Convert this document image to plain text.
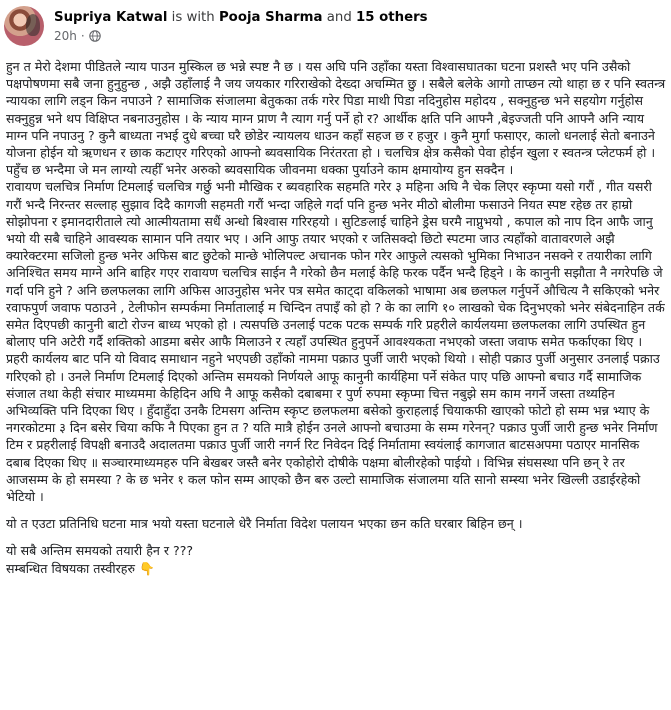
Supriya Katwal is with Pooja Sharma and 15 others
20h ·

हुन त मेरो देशमा पीडितले न्याय पाउन मुस्किल छ भन्ने स्पष्ट नै छ । यस अघि पनि उहाँका यस्ता विश्वासघातका घटना प्रशस्तै भए पनि उसैको पक्षपोषणमा सबै जना हुनुहुन्छ , अझै उहाँलाई नै जय जयकार गरिराखेको देख्दा अचम्मित छु । सबैले बलेके आगो ताप्छन त्यो थाहा छ र पनि स्वतन्त्र न्यायका लागि लड्न किन नपाउने ? सामाजिक संजालमा बेतुकका तर्क गरेर पिडा माथी पिडा नदिनुहोस महोदय , सक्नुहुन्छ भने सहयोग गर्नुहोस सक्नुहुन्न भने थप विक्षिप्त नबनाउनुहोस । के न्याय माग्न प्राण नै त्याग गर्नु पर्ने हो र? आर्थीक क्षति पनि आफ्नै ,बेइज्जती पनि आफ्नै अनि न्याय माग्न पनि नपाउनु ? कुनै बाध्यता नभई दुधे बच्चा घरै छोडेर न्यायलय धाउन कहाँ सहज छ र हजुर । कुनै मुर्गा फसाएर, कालो धनलाई सेतो बनाउने योजना होईन यो ऋणधन र छाक कटाएर गरिएको आफ्नो ब्यवसायिक निरंतरता हो । चलचित्र क्षेत्र कसैको पेवा होईन खुला र स्वतन्त्र प्लेटफर्म हो । पहुँच छ भन्दैमा जे मन लाग्यो त्यहीँ भनेर अरुको ब्यवसायिक जीवनमा धक्का पुर्याउने काम क्षमायोग्य हुन सक्दैन ।

रावायण चलचित्र निर्माण टिमलाई चलचित्र गर्छु भनी मौखिक र ब्यवहारिक सहमति गरेर ३ महिना अघि नै चेक लिएर स्कृप्मा यसो गरौं , गीत यसरी गरौं भन्दै निरन्तर सल्लाह सुझाव दिदै कागजी सहमती गरौं भन्दा जहिले गर्दा पनि हुन्छ भनेर मीठो बोलीमा फसाउने नियत स्पष्ट रहेछ तर हाम्रो सोझोपना र इमानदारीताले त्यो आत्मीयतामा सधैं अन्धो बिश्वास गरिरहयो । सुटिङलाई चाहिने ड्रेस घरमै नाप्नुभयो , कपाल को नाप दिन आफै जानु भयो यी सबै चाहिने आवस्यक सामान पनि तयार भए । अनि आफु तयार भएको र जतिसक्दो छिटो स्पटमा जाउ त्यहाँको वातावरणले अझै क्यारेक्टरमा सजिलो हुन्छ भनेर अफिस बाट छुटेको मान्छे भोलिपल्ट अचानक फोन गरेर आफुले त्यसको भुमिका निभाउन नसक्ने र तयारीका लागि अनिश्चित समय माग्ने अनि बाहिर गएर रावायण चलचित्र साईन नै गरेको छैन मलाई केहि फरक पर्दैन भन्दै हिड्ने । के कानुनी सझौता नै नगरेपछि जे गर्दा पनि हुने ? अनि छलफलका लागि अफिस आउनुहोस भनेर पत्र समेत काट्दा वकिलको भाषामा अब छलफल गर्नुपर्ने औचित्य नै सकिएको भनेर रवाफपुर्ण जवाफ पठाउने , टेलीफोन सम्पर्कमा निर्मातालाई म चिन्दिन तपाइँ को हो ? के का लागि १० लाखको चेक दिनुभएको भनेर संबेदनाहिन तर्क समेत दिएपछी कानुनी बाटो रोज्न बाध्य भएको हो । त्यसपछि उनलाई पटक पटक सम्पर्क गरि प्रहरीले कार्यलयमा छलफलका लागि उपस्थित हुन बोलाए पनि अटेरी गर्दै शक्तिको आडमा बसेर आफै मिलाउने र त्यहाँ उपस्थित हुनुपर्ने आवश्यकता नभएको जस्ता जवाफ समेत फर्काएका थिए । प्रहरी कार्यलय बाट पनि यो विवाद समाधान नहुने भएपछी उहाँको नाममा पक्राउ पुर्जी जारी भएको थियो । सोही पक्राउ पुर्जी अनुसार उनलाई पक्राउ गरिएको हो । उनले निर्माण टिमलाई दिएको अन्तिम समयको निर्णयले आफू कानुनी कार्यहिमा पर्ने संकेत पाए पछि आफ्नो बचाउ गर्दै सामाजिक संजाल तथा केही संचार माध्यममा केहिदिन अघि नै आफू कसैको दबाबमा र पुर्ण रुपमा स्कृप्मा चित्त नबुझे सम काम नगर्ने जस्ता तथ्यहिन अभिव्यक्ति पनि दिएका थिए । हुँदाहुँदा उनकै टिमसग अन्तिम स्कृप्ट छलफलमा बसेको कुराहलाई चियाकफी खाएको फोटो हो सम्म भन्न भ्याए के नगरकोटमा ३ दिन बसेर चिया कफि नै पिएका हुन त ? यति मात्रै होईन उनले आफ्नो बचाउमा के सम्म गरेनन्? पक्राउ पुर्जी जारी हुन्छ भनेर निर्माण टिम र प्रहरीलाई विपक्षी बनाउदै अदालतमा पक्राउ पुर्जी जारी नगर्न रिट निवेदन दिई निर्मातामा स्वयंलाई कागजात बाटसअपमा पठाएर मानसिक दबाब दिएका थिए ॥ सञ्चारमाध्यमहरु पनि बेखबर जस्तै बनेर एकोहोरो दोषीके पक्षमा बोलीरहेको पाईयो । विभिन्न संघसस्था पनि छन् रे तर आजसम्म के हो समस्या ? के छ भनेर १ कल फोन सम्म आएको छैन बरु उल्टो सामाजिक संजालमा यति सानो सम्स्या भनेर खिल्ली उडाईरहेको भेटियो ।

यो त एउटा प्रतिनिधि घटना मात्र भयो यस्ता घटनाले धेरै निर्माता विदेश पलायन भएका छन कति घरबार बिहिन छन् ।

यो सबै अन्तिम समयको तयारी हैन र ???

सम्बन्धित विषयका तस्वीरहरु 👇
